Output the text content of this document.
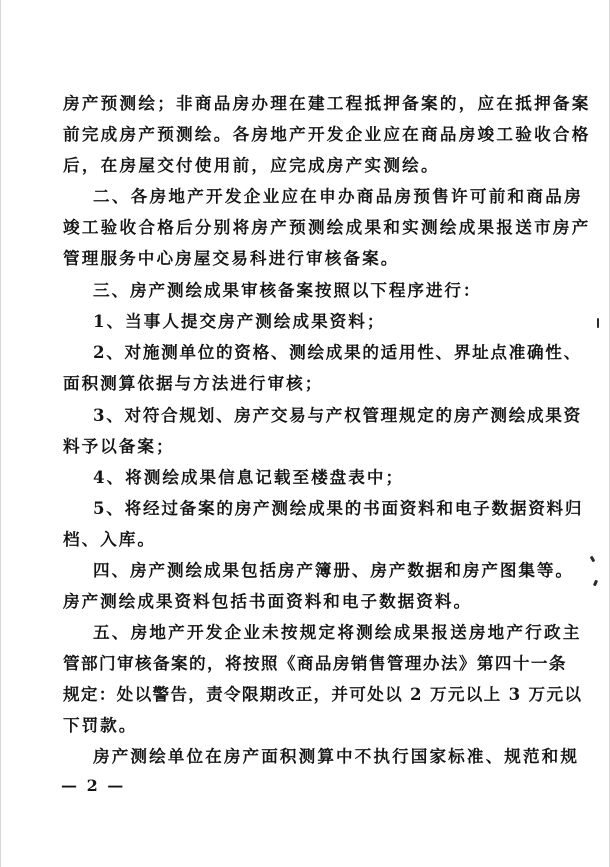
房产预测绘；非商品房办理在建工程抵押备案的，应在抵押备案
前完成房产预测绘。各房地产开发企业应在商品房竣工验收合格
后，在房屋交付使用前，应完成房产实测绘。
二、各房地产开发企业应在申办商品房预售许可前和商品房
竣工验收合格后分别将房产预测绘成果和实测绘成果报送市房产
管理服务中心房屋交易科进行审核备案。
三、房产测绘成果审核备案按照以下程序进行：
1、当事人提交房产测绘成果资料；
2、对施测单位的资格、测绘成果的适用性、界址点准确性、
面积测算依据与方法进行审核；
3、对符合规划、房产交易与产权管理规定的房产测绘成果资
料予以备案；
4、将测绘成果信息记载至楼盘表中；
5、将经过备案的房产测绘成果的书面资料和电子数据资料归
档、入库。
四、房产测绘成果包括房产簿册、房产数据和房产图集等。
房产测绘成果资料包括书面资料和电子数据资料。
五、房地产开发企业未按规定将测绘成果报送房地产行政主
管部门审核备案的，将按照《商品房销售管理办法》第四十一条
规定：处以警告，责令限期改正，并可处以 2 万元以上 3 万元以
下罚款。
房产测绘单位在房产面积测算中不执行国家标准、规范和规
— 2 —
